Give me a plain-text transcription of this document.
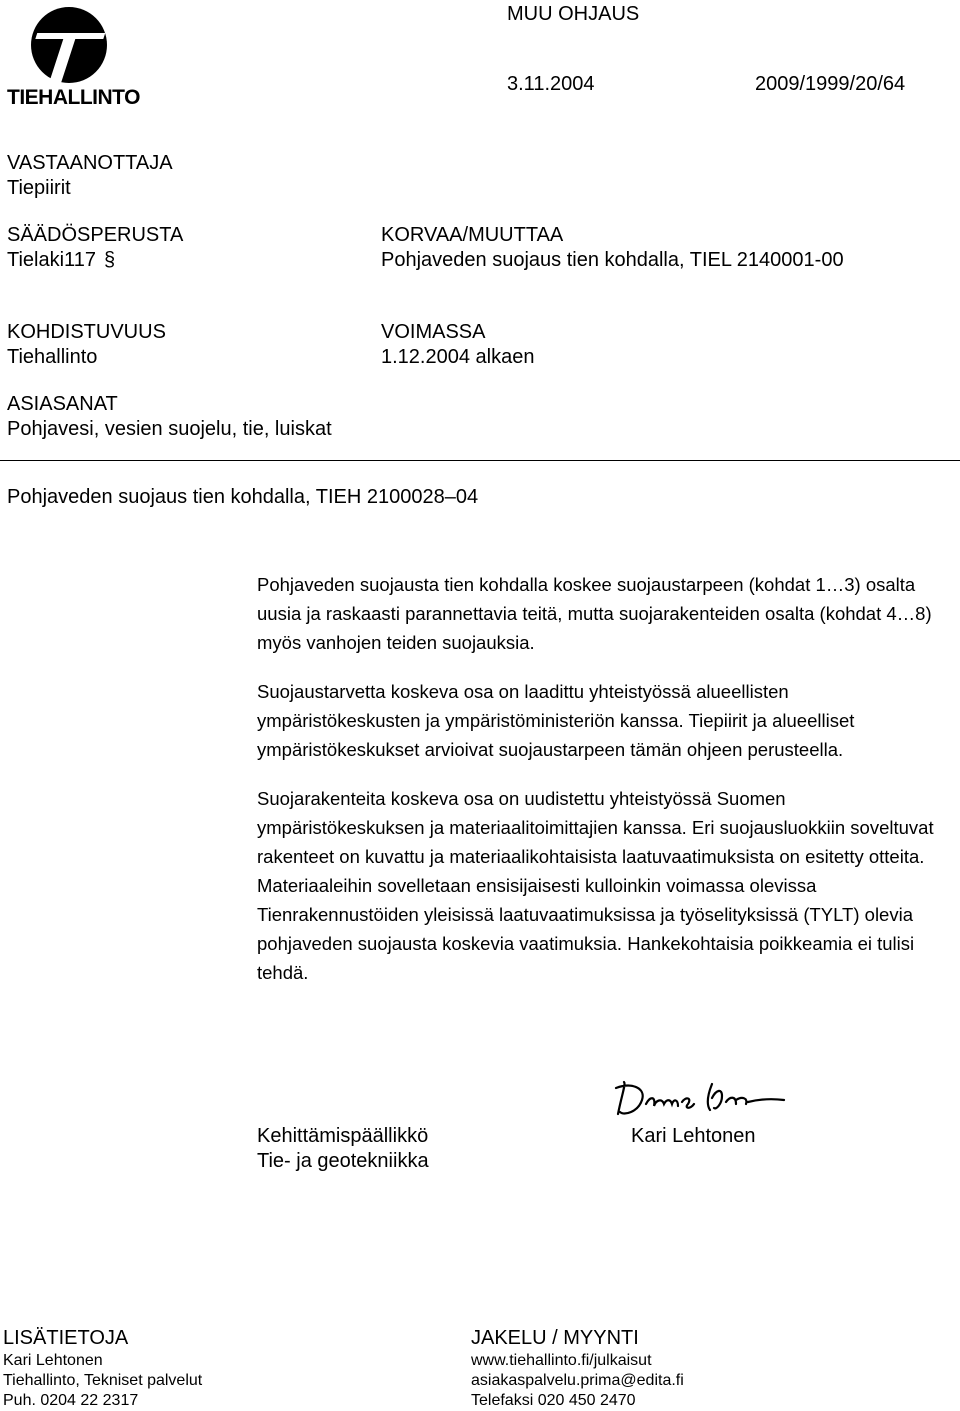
TIEHALLINTO
MUU OHJAUS
3.11.2004	2009/1999/20/64
VASTAANOTTAJA
Tiepiirit
SÄÄDÖSPERUSTA
Tielaki117 §
KORVAA/MUUTTAA
Pohjaveden suojaus tien kohdalla, TIEL 2140001-00
KOHDISTUVUUS
Tiehallinto
VOIMASSA
1.12.2004 alkaen
ASIASANAT
Pohjavesi, vesien suojelu, tie, luiskat
Pohjaveden suojaus tien kohdalla, TIEH 2100028–04

Pohjaveden suojausta tien kohdalla koskee suojaustarpeen (kohdat 1…3) osalta uusia ja raskaasti parannettavia teitä, mutta suojarakenteiden osalta (kohdat 4…8) myös vanhojen teiden suojauksia.

Suojaustarvetta koskeva osa on laadittu yhteistyössä alueellisten ympäristökeskusten ja ympäristöministeriön kanssa. Tiepiirit ja alueelliset ympäristökeskukset arvioivat suojaustarpeen tämän ohjeen perusteella.

Suojarakenteita koskeva osa on uudistettu yhteistyössä Suomen ympäristökeskuksen ja materiaalitoimittajien kanssa. Eri suojausluokkiin soveltuvat rakenteet on kuvattu ja materiaalikohtaisista laatuvaatimuksista on esitetty otteita. Materiaaleihin sovelletaan ensisijaisesti kulloinkin voimassa olevissa Tienrakennustöiden yleisissä laatuvaatimuksissa ja työselityksissä (TYLT) olevia pohjaveden suojausta koskevia vaatimuksia. Hankekohtaisia poikkeamia ei tulisi tehdä.

Kehittämispäällikkö
Tie- ja geotekniikka
Kari Lehtonen
LISÄTIETOJA
Kari Lehtonen
Tiehallinto, Tekniset palvelut
Puh. 0204 22 2317
JAKELU / MYYNTI
www.tiehallinto.fi/julkaisut
asiakaspalvelu.prima@edita.fi
Telefaksi 020 450 2470
